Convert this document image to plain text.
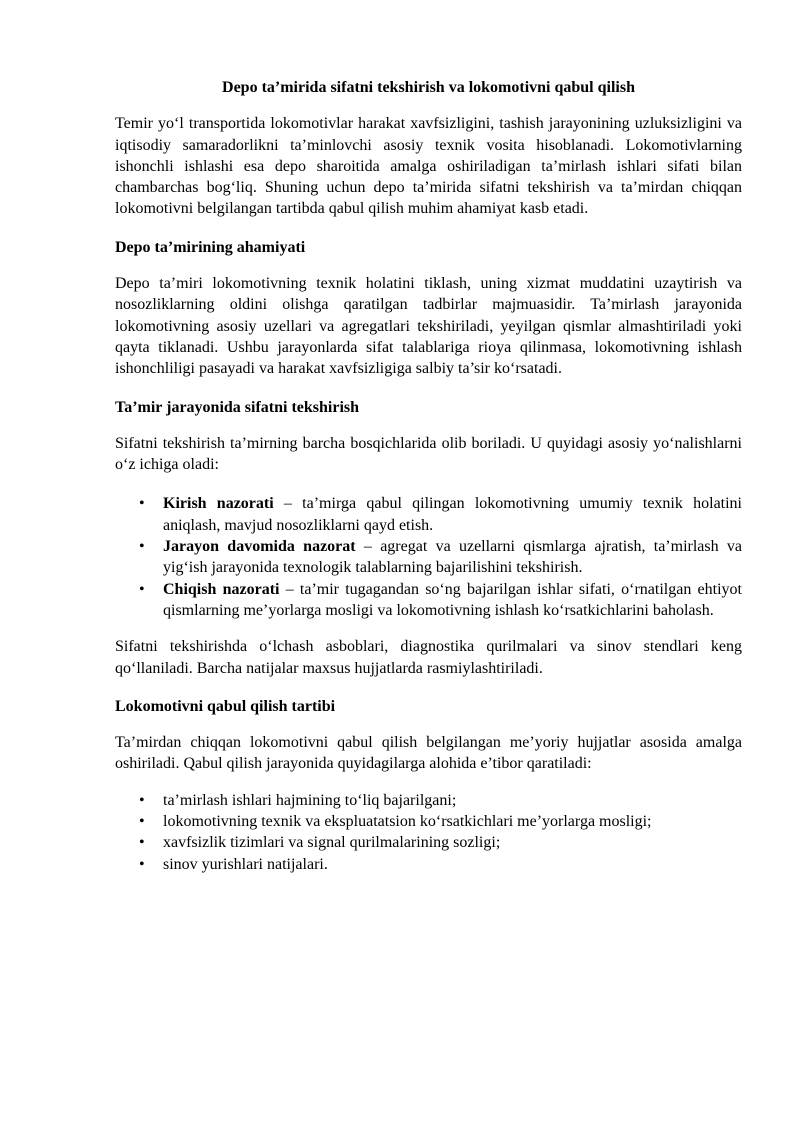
Depo ta’mirida sifatni tekshirish va lokomotivni qabul qilish

Temir yo‘l transportida lokomotivlar harakat xavfsizligini, tashish jarayonining uzluksizligini va iqtisodiy samaradorlikni ta’minlovchi asosiy texnik vosita hisoblanadi. Lokomotivlarning ishonchli ishlashi esa depo sharoitida amalga oshiriladigan ta’mirlash ishlari sifati bilan chambarchas bog‘liq. Shuning uchun depo ta’mirida sifatni tekshirish va ta’mirdan chiqqan lokomotivni belgilangan tartibda qabul qilish muhim ahamiyat kasb etadi.

Depo ta’mirining ahamiyati

Depo ta’miri lokomotivning texnik holatini tiklash, uning xizmat muddatini uzaytirish va nosozliklarning oldini olishga qaratilgan tadbirlar majmuasidir. Ta’mirlash jarayonida lokomotivning asosiy uzellari va agregatlari tekshiriladi, yeyilgan qismlar almashtiriladi yoki qayta tiklanadi. Ushbu jarayonlarda sifat talablariga rioya qilinmasa, lokomotivning ishlash ishonchliligi pasayadi va harakat xavfsizligiga salbiy ta’sir ko‘rsatadi.

Ta’mir jarayonida sifatni tekshirish

Sifatni tekshirish ta’mirning barcha bosqichlarida olib boriladi. U quyidagi asosiy yo‘nalishlarni o‘z ichiga oladi:

• Kirish nazorati – ta’mirga qabul qilingan lokomotivning umumiy texnik holatini aniqlash, mavjud nosozliklarni qayd etish.
• Jarayon davomida nazorat – agregat va uzellarni qismlarga ajratish, ta’mirlash va yig‘ish jarayonida texnologik talablarning bajarilishini tekshirish.
• Chiqish nazorati – ta’mir tugagandan so‘ng bajarilgan ishlar sifati, o‘rnatilgan ehtiyot qismlarning me’yorlarga mosligi va lokomotivning ishlash ko‘rsatkichlarini baholash.

Sifatni tekshirishda o‘lchash asboblari, diagnostika qurilmalari va sinov stendlari keng qo‘llaniladi. Barcha natijalar maxsus hujjatlarda rasmiylashtiriladi.

Lokomotivni qabul qilish tartibi

Ta’mirdan chiqqan lokomotivni qabul qilish belgilangan me’yoriy hujjatlar asosida amalga oshiriladi. Qabul qilish jarayonida quyidagilarga alohida e’tibor qaratiladi:

• ta’mirlash ishlari hajmining to‘liq bajarilgani;
• lokomotivning texnik va ekspluatatsion ko‘rsatkichlari me’yorlarga mosligi;
• xavfsizlik tizimlari va signal qurilmalarining sozligi;
• sinov yurishlari natijalari.
